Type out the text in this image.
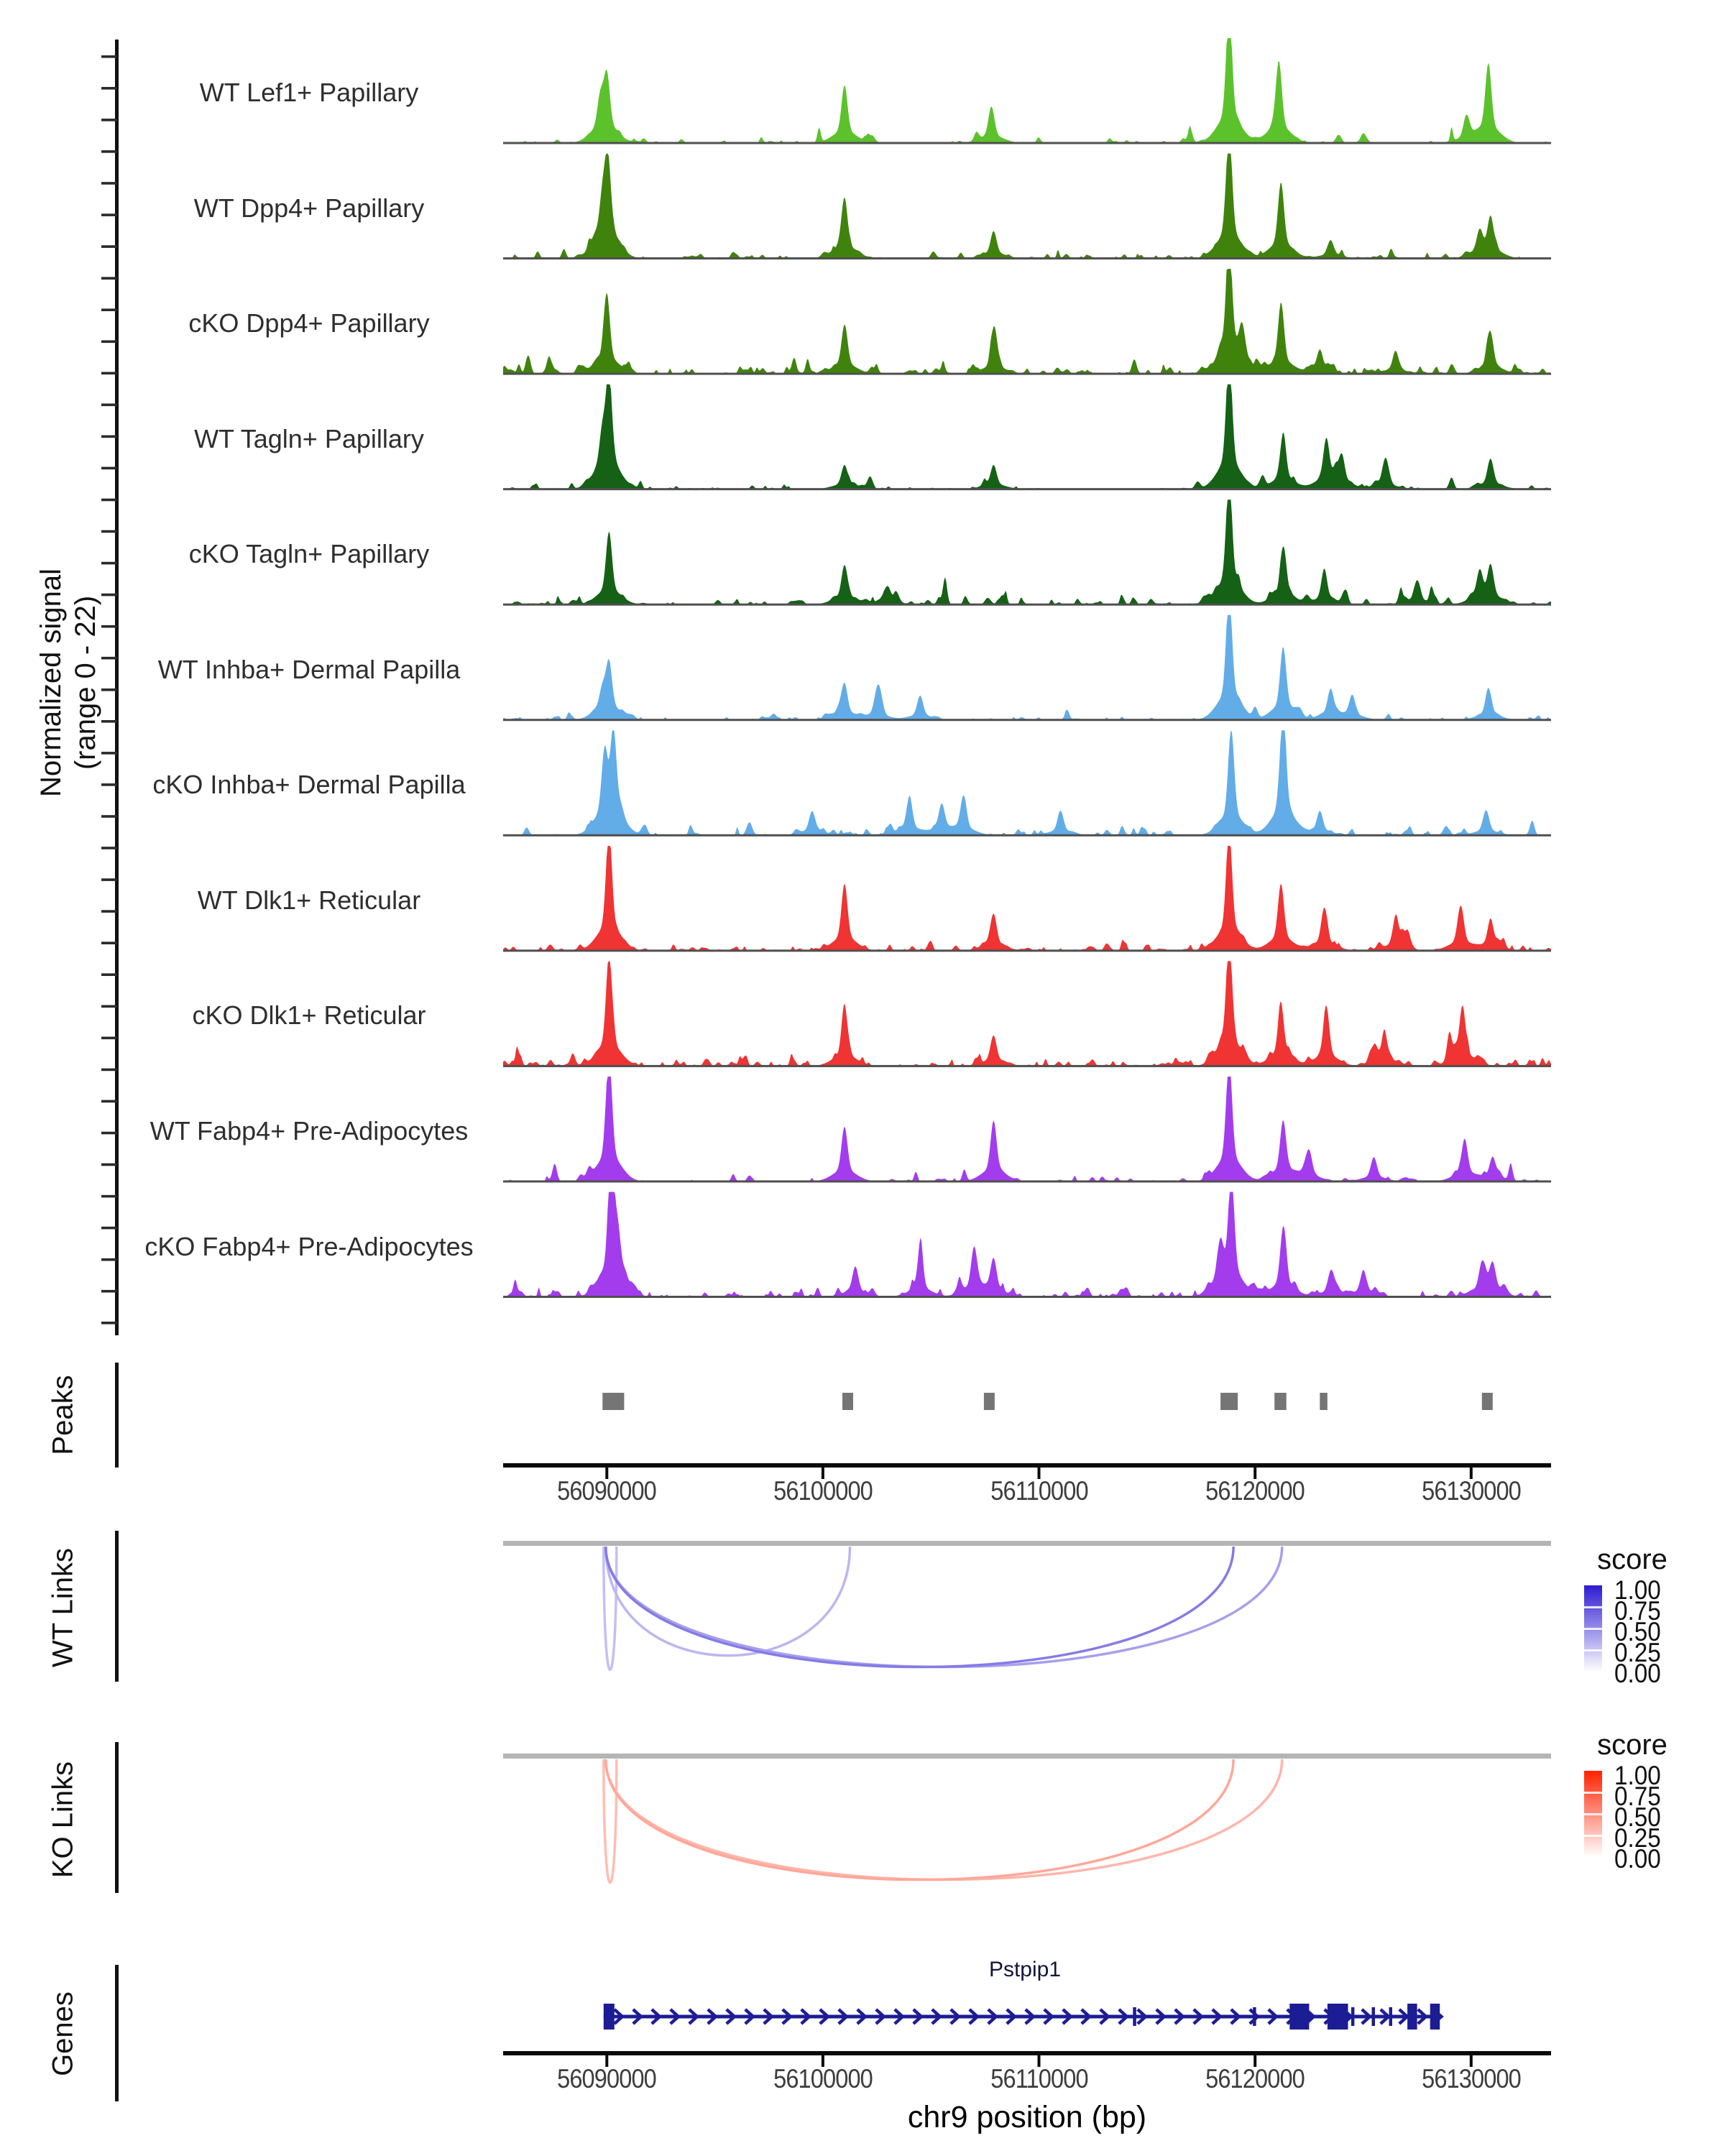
Normalized signal (range 0 - 22)
Peaks
WT Links
KO Links
Genes
WT Lef1+ Papillary
WT Dpp4+ Papillary
cKO Dpp4+ Papillary
WT Tagln+ Papillary
cKO Tagln+ Papillary
WT Inhba+ Dermal Papilla
cKO Inhba+ Dermal Papilla
WT Dlk1+ Reticular
cKO Dlk1+ Reticular
WT Fabp4+ Pre-Adipocytes
cKO Fabp4+ Pre-Adipocytes
56090000	56100000	56110000	56120000	56130000
56090000	56100000	56110000	56120000	56130000
chr9 position (bp)
score
1.00
0.75
0.50
0.25
0.00
score
1.00
0.75
0.50
0.25
0.00
Pstpip1
